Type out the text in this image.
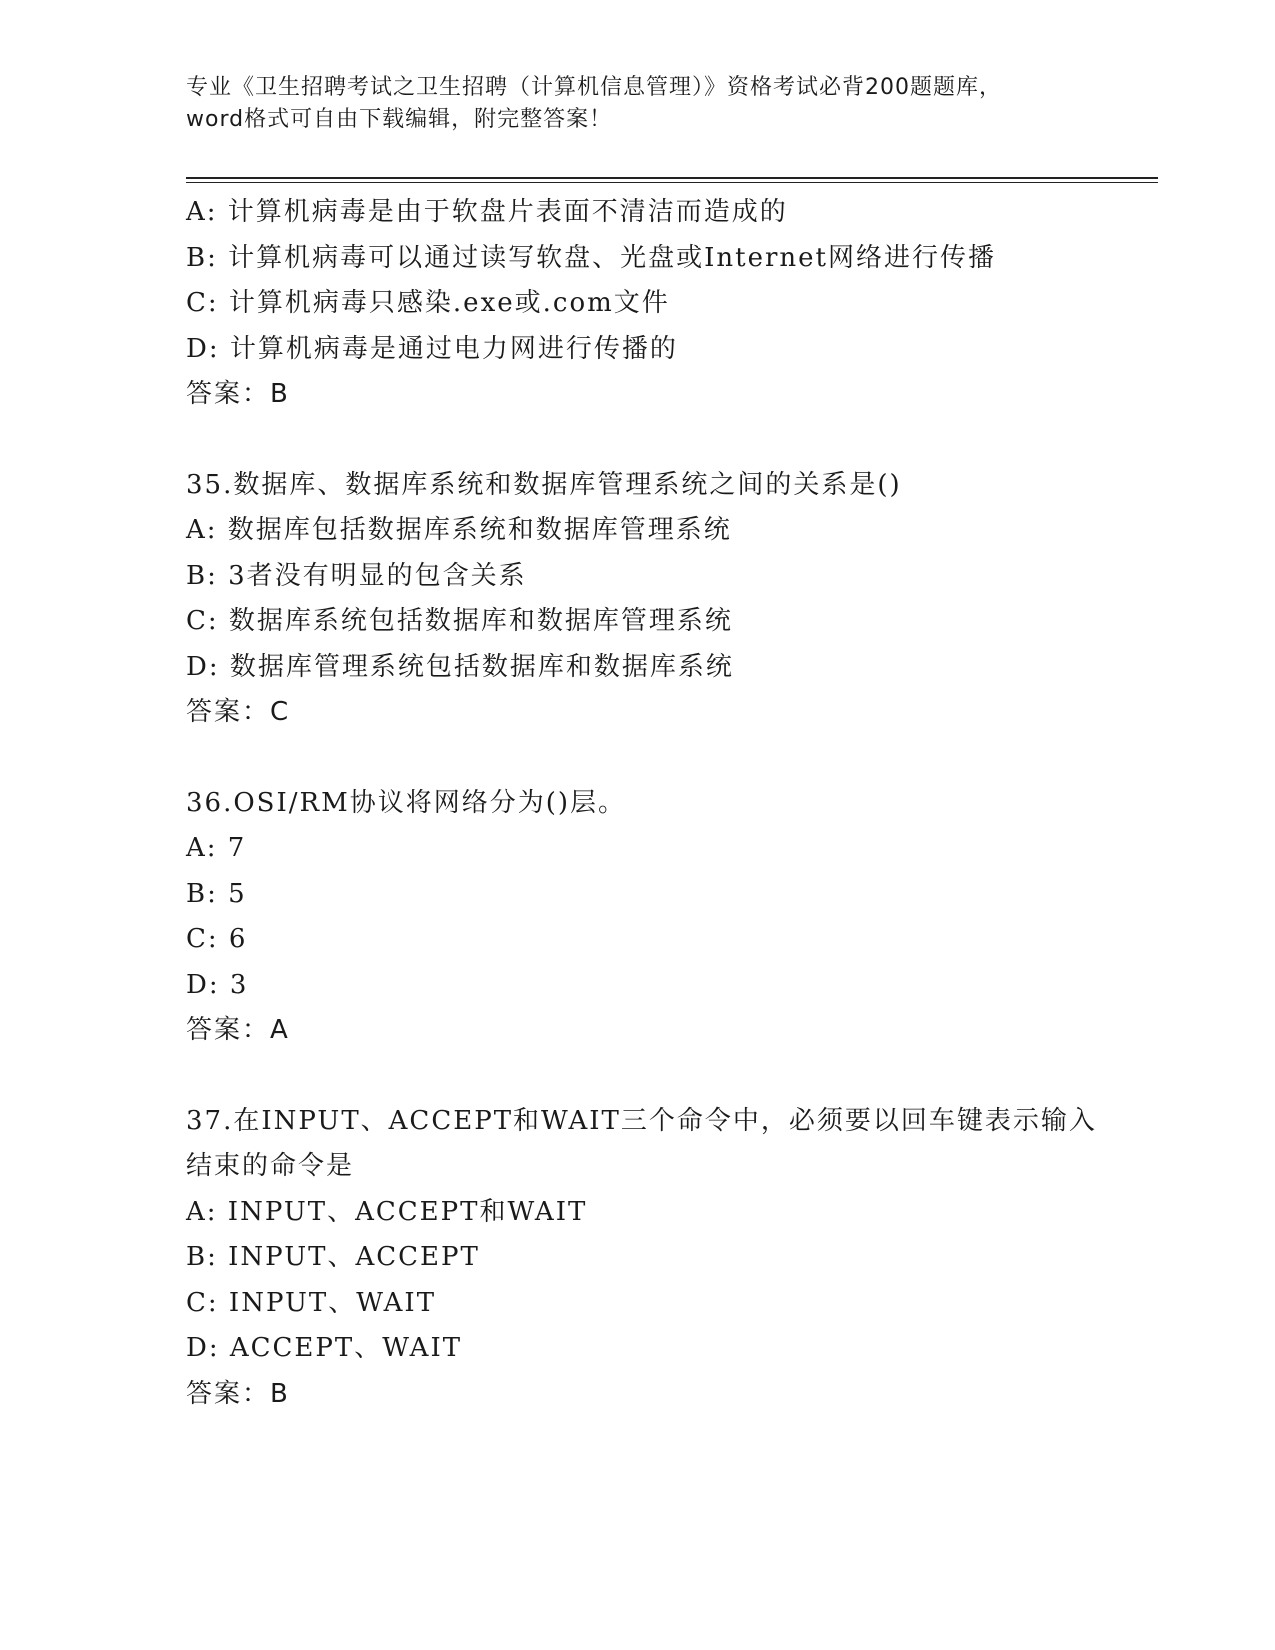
专业《卫生招聘考试之卫生招聘（计算机信息管理）》资格考试必背200题题库，
word格式可自由下载编辑，附完整答案！
A: 计算机病毒是由于软盘片表面不清洁而造成的
B: 计算机病毒可以通过读写软盘、光盘或Internet网络进行传播
C: 计算机病毒只感染.exe或.com文件
D: 计算机病毒是通过电力网进行传播的
答案：B
35.数据库、数据库系统和数据库管理系统之间的关系是()
A: 数据库包括数据库系统和数据库管理系统
B: 3者没有明显的包含关系
C: 数据库系统包括数据库和数据库管理系统
D: 数据库管理系统包括数据库和数据库系统
答案：C
36.OSI/RM协议将网络分为()层。
A: 7
B: 5
C: 6
D: 3
答案：A
37.在INPUT、ACCEPT和WAIT三个命令中，必须要以回车键表示输入
结束的命令是
A: INPUT、ACCEPT和WAIT
B: INPUT、ACCEPT
C: INPUT、WAIT
D: ACCEPT、WAIT
答案：B
